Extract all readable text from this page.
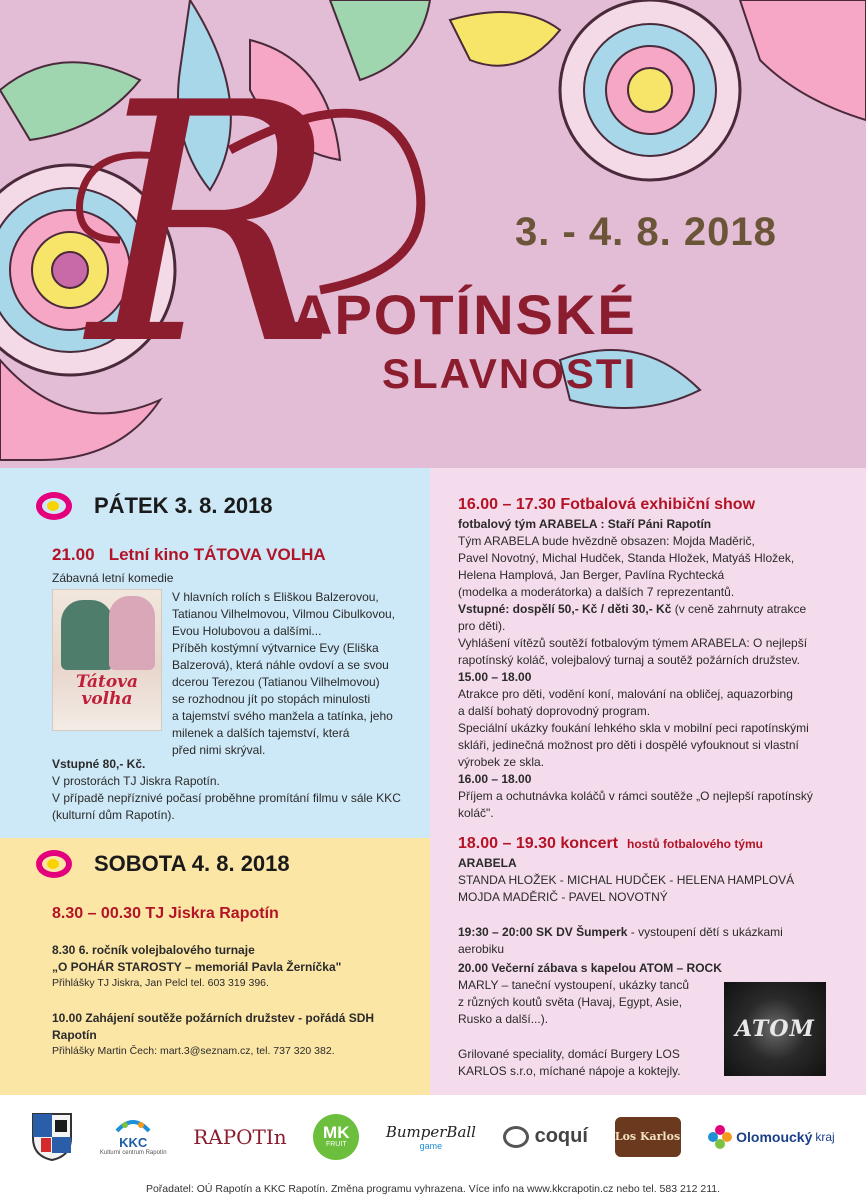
3. - 4. 8. 2018
R
APOTÍNSKÉ
SLAVNOSTI
PÁTEK 3. 8. 2018
21.00 Letní kino TÁTOVA VOLHA
Zábavná letní komedie
Tátova volha
V hlavních rolích s Eliškou Balzerovou,
Tatianou Vilhelmovou, Vilmou Cibulkovou,
Evou Holubovou a dalšími...
Příběh kostýmní výtvarnice Evy (Eliška
Balzerová), která náhle ovdoví a se svou
dcerou Terezou (Tatianou Vilhelmovou)
se rozhodnou jít po stopách minulosti
a tajemství svého manžela a tatínka, jeho
milenek a dalších tajemství, která
před nimi skrýval.
Vstupné 80,- Kč.
V prostorách TJ Jiskra Rapotín.
V případě nepříznivé počasí proběhne promítání filmu v sále KKC
(kulturní dům Rapotín).
SOBOTA 4. 8. 2018
8.30 – 00.30 TJ Jiskra Rapotín
8.30 6. ročník volejbalového turnaje
„O POHÁR STAROSTY – memoriál Pavla Žerníčka"
Přihlášky TJ Jiskra, Jan Pelcl tel. 603 319 396.
10.00 Zahájení soutěže požárních družstev - pořádá SDH
Rapotín
Přihlášky Martin Čech: mart.3@seznam.cz, tel. 737 320 382.
16.00 – 17.30 Fotbalová exhibiční show
fotbalový tým ARABELA : Staří Páni Rapotín
Tým ARABELA bude hvězdně obsazen: Mojda Maděrič,
Pavel Novotný, Michal Hudček, Standa Hložek, Matyáš Hložek,
Helena Hamplová, Jan Berger, Pavlína Rychtecká
(modelka a moderátorka) a dalších 7 reprezentantů.
Vstupné: dospělí 50,- Kč / děti 30,- Kč (v ceně zahrnuty atrakce
pro děti).
Vyhlášení vítězů soutěží fotbalovým týmem ARABELA: O nejlepší
rapotínský koláč, volejbalový turnaj a soutěž požárních družstev.
15.00 – 18.00
Atrakce pro děti, vodění koní, malování na obličej, aquazorbing
a další bohatý doprovodný program.
Speciální ukázky foukání lehkého skla v mobilní peci rapotínskými
skláři, jedinečná možnost pro děti i dospělé vyfouknout si vlastní
výrobek ze skla.
16.00 – 18.00
Příjem a ochutnávka koláčů v rámci soutěže „O nejlepší rapotínský
koláč".
18.00 – 19.30 koncert hostů fotbalového týmu
ARABELA
STANDA HLOŽEK - MICHAL HUDČEK - HELENA HAMPLOVÁ
MOJDA MADĚRIČ - PAVEL NOVOTNÝ
19:30 – 20:00 SK DV Šumperk - vystoupení dětí s ukázkami
aerobiku
20.00 Večerní zábava s kapelou ATOM – ROCK
MARLY – taneční vystoupení, ukázky tanců
z různých koutů světa (Havaj, Egypt, Asie,
Rusko a další...).	ATOM
Grilované speciality, domácí Burgery LOS
KARLOS s.r.o, míchané nápoje a koktejly.
KKC
Kulturní centrum Rapotín
RAPOTIn MK
FRUIT
BumperBall
game	coquí Los Karlos	Olomoucký kraj
Pořadatel: OÚ Rapotín a KKC Rapotín. Změna programu vyhrazena. Více info na www.kkcrapotin.cz nebo tel. 583 212 211.
